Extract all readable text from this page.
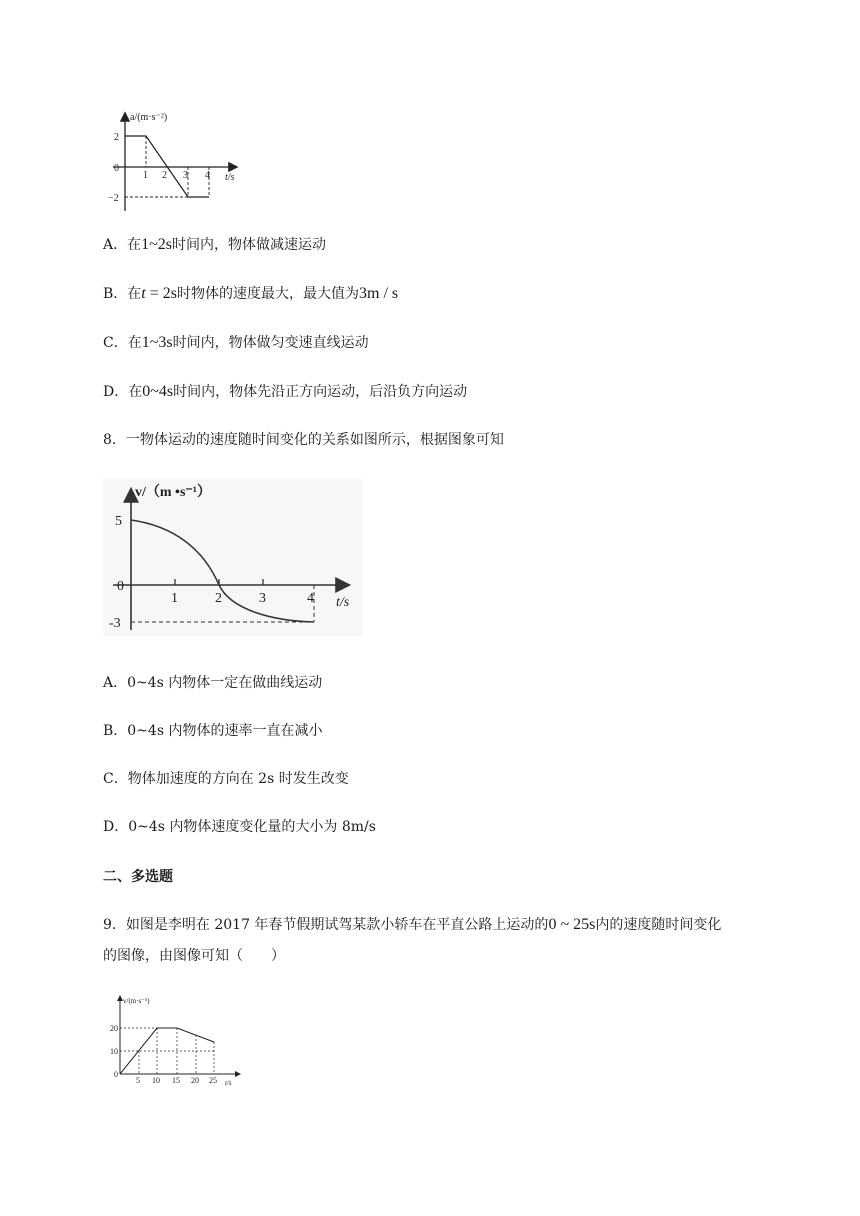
a/(m·s⁻²)
2
0
−2
1 2 3 4 t/s
A．在1~2s时间内，物体做减速运动
B．在t = 2s时物体的速度最大，最大值为3m / s
C．在1~3s时间内，物体做匀变速直线运动
D．在0~4s时间内，物体先沿正方向运动，后沿负方向运动
8．一物体运动的速度随时间变化的关系如图所示，根据图象可知
v/（m •s⁻¹）
5
0
-3
1	2	3	4 t/s
A．0~4s 内物体一定在做曲线运动
B．0~4s 内物体的速率一直在减小
C．物体加速度的方向在 2s 时发生改变
D．0~4s 内物体速度变化量的大小为 8m/s
二、多选题
9．如图是李明在 2017 年春节假期试驾某款小轿车在平直公路上运动的0 ~ 25s内的速度随时间变化
的图像，由图像可知（　　）
v/(m·s⁻¹)
20
10
0
5 10 15 20 25 t/s
